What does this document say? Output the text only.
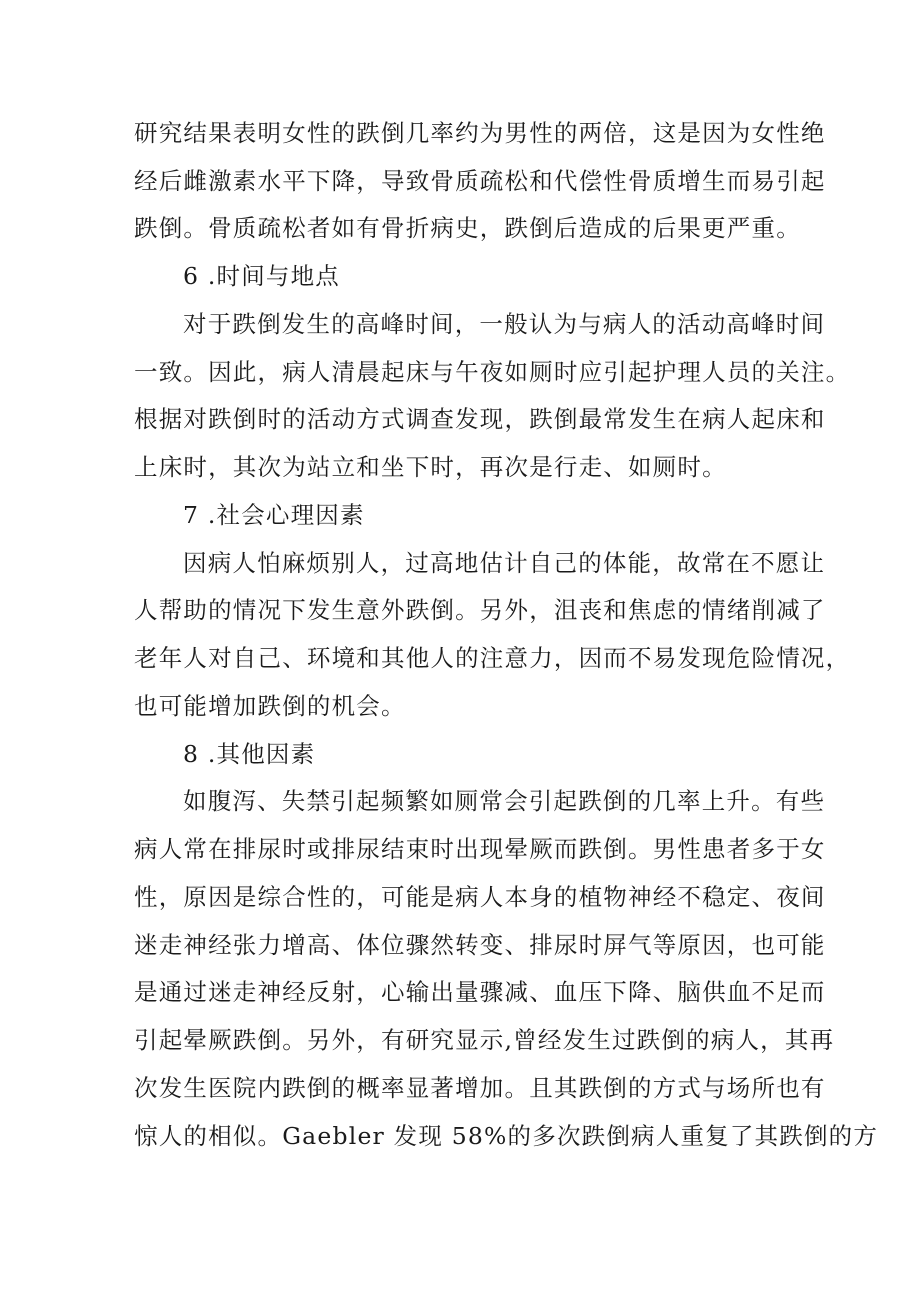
研究结果表明女性的跌倒几率约为男性的两倍，这是因为女性绝
经后雌激素水平下降，导致骨质疏松和代偿性骨质增生而易引起
跌倒。骨质疏松者如有骨折病史，跌倒后造成的后果更严重。
6 .时间与地点
对于跌倒发生的高峰时间，一般认为与病人的活动高峰时间
一致。因此，病人清晨起床与午夜如厕时应引起护理人员的关注。
根据对跌倒时的活动方式调查发现，跌倒最常发生在病人起床和
上床时，其次为站立和坐下时，再次是行走、如厕时。
7 .社会心理因素
因病人怕麻烦别人，过高地估计自己的体能，故常在不愿让
人帮助的情况下发生意外跌倒。另外，沮丧和焦虑的情绪削减了
老年人对自己、环境和其他人的注意力，因而不易发现危险情况，
也可能增加跌倒的机会。
8 .其他因素
如腹泻、失禁引起频繁如厕常会引起跌倒的几率上升。有些
病人常在排尿时或排尿结束时出现晕厥而跌倒。男性患者多于女
性，原因是综合性的，可能是病人本身的植物神经不稳定、夜间
迷走神经张力增高、体位骤然转变、排尿时屏气等原因，也可能
是通过迷走神经反射，心输出量骤减、血压下降、脑供血不足而
引起晕厥跌倒。另外，有研究显示,曾经发生过跌倒的病人，其再
次发生医院内跌倒的概率显著增加。且其跌倒的方式与场所也有
惊人的相似。Gaebler 发现 58%的多次跌倒病人重复了其跌倒的方
